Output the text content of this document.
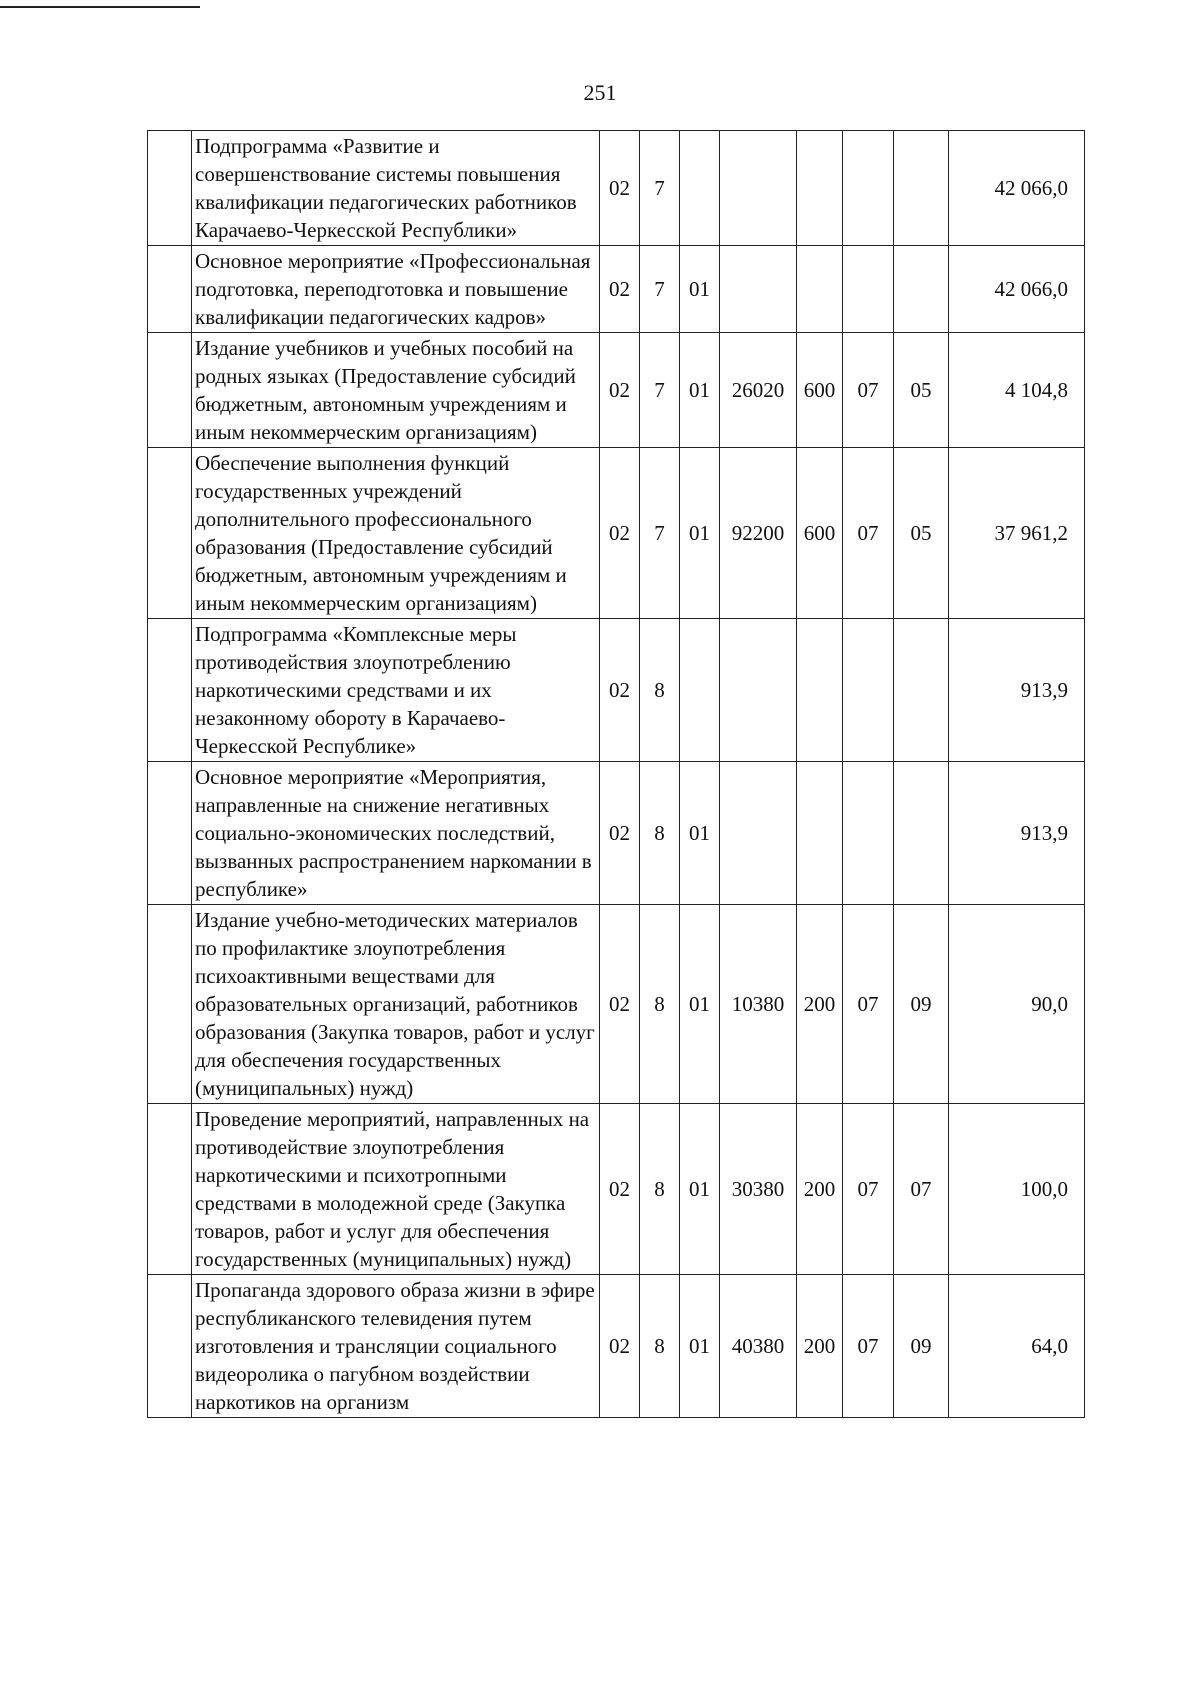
251
	Подпрограмма «Развитие и совершенствование системы повышения квалификации педагогических работников Карачаево-Черкесской Республики»	02	7						42 066,0
	Основное мероприятие «Профессиональная подготовка, переподготовка и повышение квалификации педагогических кадров»	02	7	01					42 066,0
	Издание учебников и учебных пособий на родных языках (Предоставление субсидий бюджетным, автономным учреждениям и иным некоммерческим организациям)	02	7	01	26020	600	07	05	4 104,8
	Обеспечение выполнения функций государственных учреждений дополнительного профессионального образования (Предоставление субсидий бюджетным, автономным учреждениям и иным некоммерческим организациям)	02	7	01	92200	600	07	05	37 961,2
	Подпрограмма «Комплексные меры противодействия злоупотреблению наркотическими средствами и их незаконному обороту в Карачаево-Черкесской Республике»	02	8						913,9
	Основное мероприятие «Мероприятия, направленные на снижение негативных социально-экономических последствий, вызванных распространением наркомании в республике»	02	8	01					913,9
	Издание учебно-методических материалов по профилактике злоупотребления психоактивными веществами для образовательных организаций, работников образования (Закупка товаров, работ и услуг для обеспечения государственных (муниципальных) нужд)	02	8	01	10380	200	07	09	90,0
	Проведение мероприятий, направленных на противодействие злоупотребления наркотическими и психотропными средствами в молодежной среде (Закупка товаров, работ и услуг для обеспечения государственных (муниципальных) нужд)	02	8	01	30380	200	07	07	100,0
	Пропаганда здорового образа жизни в эфире республиканского телевидения путем изготовления и трансляции социального видеоролика о пагубном воздействии наркотиков на организм	02	8	01	40380	200	07	09	64,0
